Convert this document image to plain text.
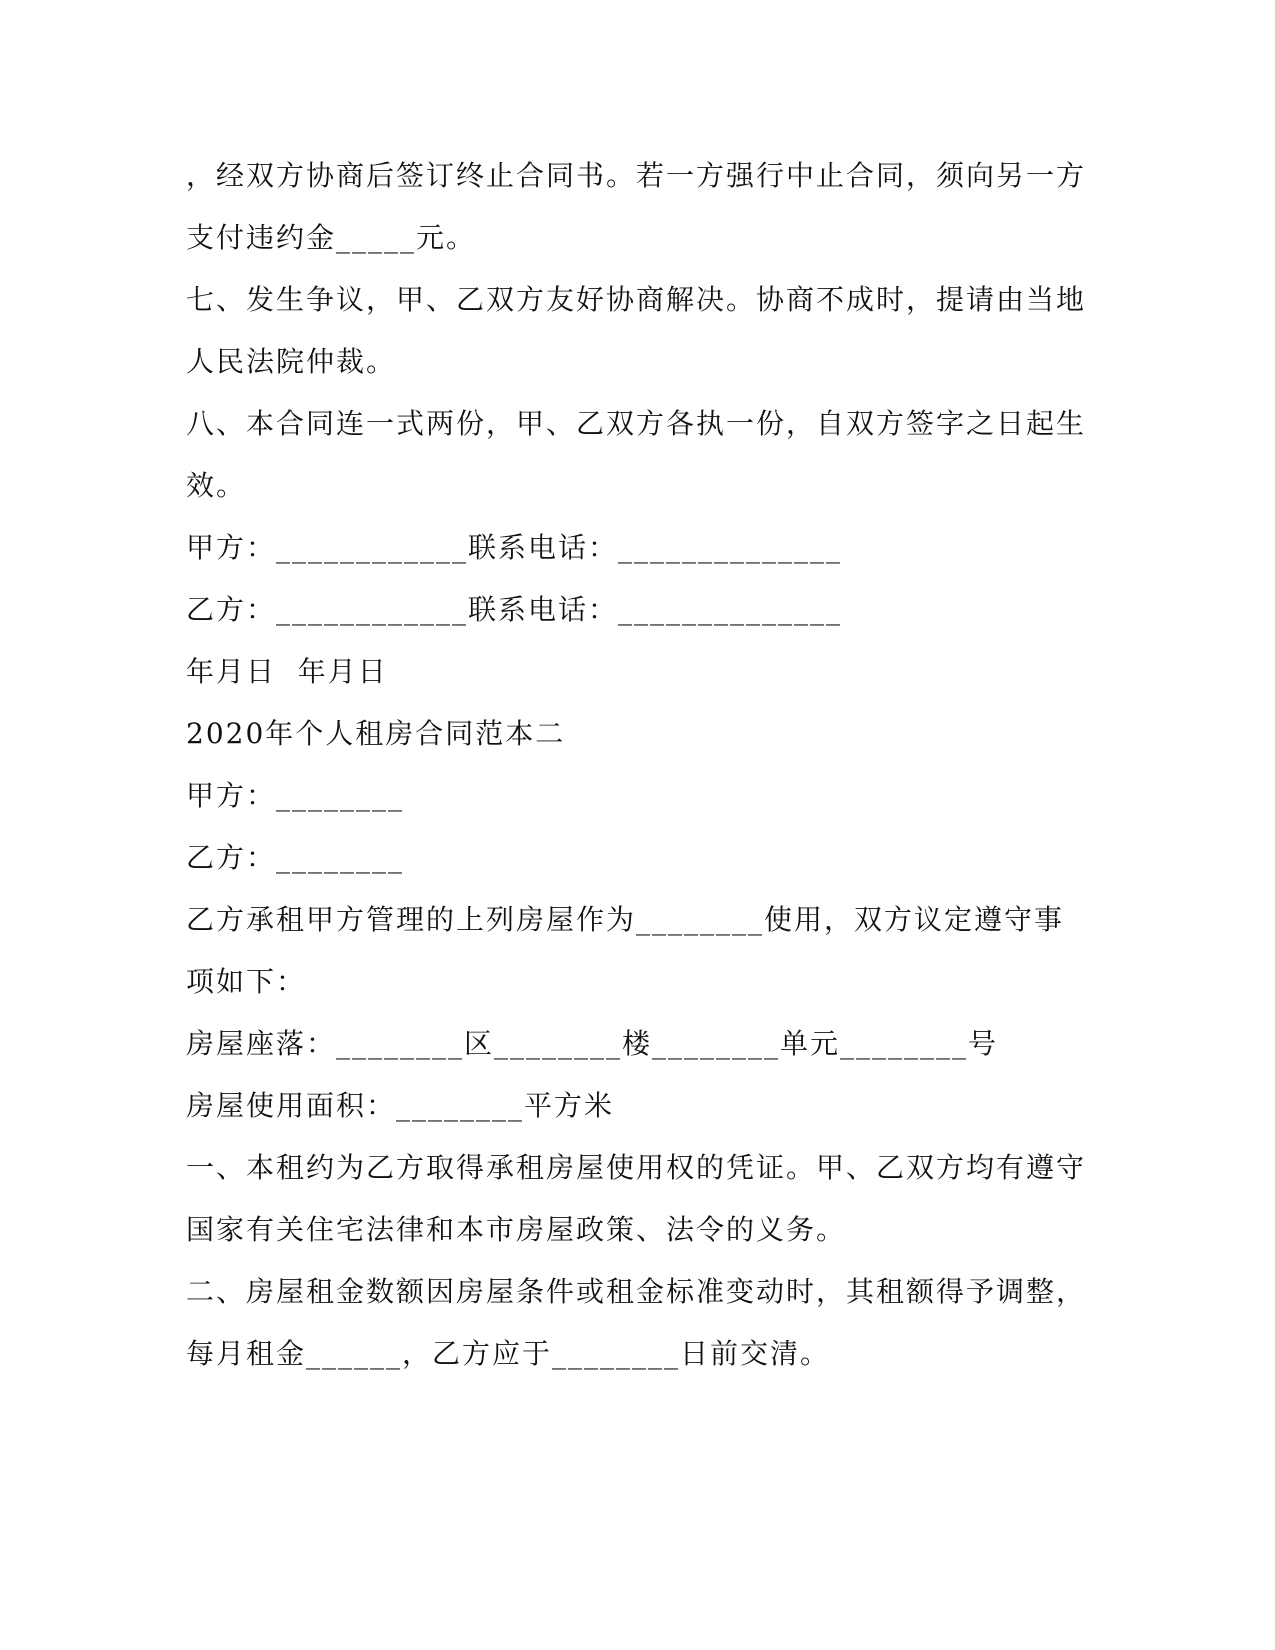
，经双方协商后签订终止合同书。若一方强行中止合同，须向另一方
支付违约金_____元。
七、发生争议，甲、乙双方友好协商解决。协商不成时，提请由当地
人民法院仲裁。
八、本合同连一式两份，甲、乙双方各执一份，自双方签字之日起生
效。
甲方：____________联系电话：______________
乙方：____________联系电话：______________
年月日  年月日
2020年个人租房合同范本二
甲方：________
乙方：________
乙方承租甲方管理的上列房屋作为________使用，双方议定遵守事
项如下：
房屋座落：________区________楼________单元________号
房屋使用面积：________平方米
一、本租约为乙方取得承租房屋使用权的凭证。甲、乙双方均有遵守
国家有关住宅法律和本市房屋政策、法令的义务。
二、房屋租金数额因房屋条件或租金标准变动时，其租额得予调整，
每月租金______，乙方应于________日前交清。
